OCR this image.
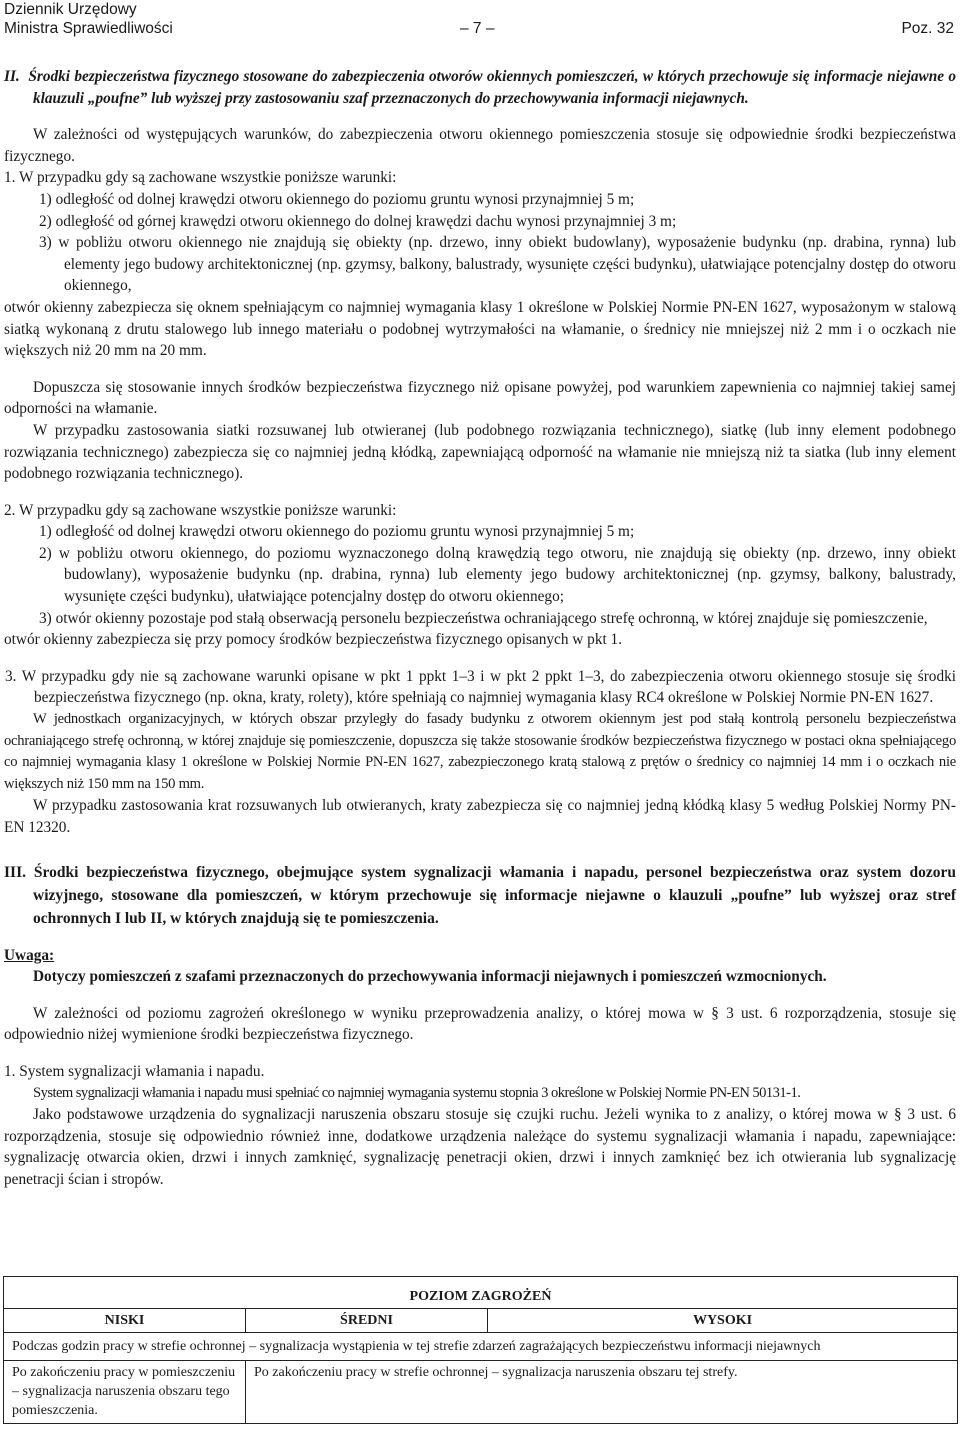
Dziennik Urzędowy
Ministra Sprawiedliwości	– 7 –	Poz. 32

II. Środki bezpieczeństwa fizycznego stosowane do zabezpieczenia otworów okiennych pomieszczeń, w których przechowuje się informacje niejawne o klauzuli „poufne” lub wyższej przy zastosowaniu szaf przeznaczonych do przechowywania informacji niejawnych.

W zależności od występujących warunków, do zabezpieczenia otworu okiennego pomieszczenia stosuje się odpowiednie środki bezpieczeństwa fizycznego.

1. W przypadku gdy są zachowane wszystkie poniższe warunki:

1) odległość od dolnej krawędzi otworu okiennego do poziomu gruntu wynosi przynajmniej 5 m;

2) odległość od górnej krawędzi otworu okiennego do dolnej krawędzi dachu wynosi przynajmniej 3 m;

3) w pobliżu otworu okiennego nie znajdują się obiekty (np. drzewo, inny obiekt budowlany), wyposażenie budynku (np. drabina, rynna) lub elementy jego budowy architektonicznej (np. gzymsy, balkony, balustrady, wysunięte części budynku), ułatwiające potencjalny dostęp do otworu okiennego,

otwór okienny zabezpiecza się oknem spełniającym co najmniej wymagania klasy 1 określone w Polskiej Normie PN-EN 1627, wyposażonym w stalową siatką wykonaną z drutu stalowego lub innego materiału o podobnej wytrzymałości na włamanie, o średnicy nie mniejszej niż 2 mm i o oczkach nie większych niż 20 mm na 20 mm.

Dopuszcza się stosowanie innych środków bezpieczeństwa fizycznego niż opisane powyżej, pod warunkiem zapewnienia co najmniej takiej samej odporności na włamanie.

W przypadku zastosowania siatki rozsuwanej lub otwieranej (lub podobnego rozwiązania technicznego), siatkę (lub inny element podobnego rozwiązania technicznego) zabezpiecza się co najmniej jedną kłódką, zapewniającą odporność na włamanie nie mniejszą niż ta siatka (lub inny element podobnego rozwiązania technicznego).

2. W przypadku gdy są zachowane wszystkie poniższe warunki:

1) odległość od dolnej krawędzi otworu okiennego do poziomu gruntu wynosi przynajmniej 5 m;

2) w pobliżu otworu okiennego, do poziomu wyznaczonego dolną krawędzią tego otworu, nie znajdują się obiekty (np. drzewo, inny obiekt budowlany), wyposażenie budynku (np. drabina, rynna) lub elementy jego budowy architektonicznej (np. gzymsy, balkony, balustrady, wysunięte części budynku), ułatwiające potencjalny dostęp do otworu okiennego;

3) otwór okienny pozostaje pod stałą obserwacją personelu bezpieczeństwa ochraniającego strefę ochronną, w której znajduje się pomieszczenie,

otwór okienny zabezpiecza się przy pomocy środków bezpieczeństwa fizycznego opisanych w pkt 1.

3. W przypadku gdy nie są zachowane warunki opisane w pkt 1 ppkt 1–3 i w pkt 2 ppkt 1–3, do zabezpieczenia otworu okiennego stosuje się środki bezpieczeństwa fizycznego (np. okna, kraty, rolety), które spełniają co najmniej wymagania klasy RC4 określone w Polskiej Normie PN-EN 1627.

W jednostkach organizacyjnych, w których obszar przyległy do fasady budynku z otworem okiennym jest pod stałą kontrolą personelu bezpieczeństwa ochraniającego strefę ochronną, w której znajduje się pomieszczenie, dopuszcza się także stosowanie środków bezpieczeństwa fizycznego w postaci okna spełniającego co najmniej wymagania klasy 1 określone w Polskiej Normie PN-EN 1627, zabezpieczonego kratą stalową z prętów o średnicy co najmniej 14 mm i o oczkach nie większych niż 150 mm na 150 mm.

W przypadku zastosowania krat rozsuwanych lub otwieranych, kraty zabezpiecza się co najmniej jedną kłódką klasy 5 według Polskiej Normy PN-EN 12320.

III. Środki bezpieczeństwa fizycznego, obejmujące system sygnalizacji włamania i napadu, personel bezpieczeństwa oraz system dozoru wizyjnego, stosowane dla pomieszczeń, w którym przechowuje się informacje niejawne o klauzuli „poufne” lub wyższej oraz stref ochronnych I lub II, w których znajdują się te pomieszczenia.

Uwaga:

Dotyczy pomieszczeń z szafami przeznaczonych do przechowywania informacji niejawnych i pomieszczeń wzmocnionych.

W zależności od poziomu zagrożeń określonego w wyniku przeprowadzenia analizy, o której mowa w § 3 ust. 6 rozporządzenia, stosuje się odpowiednio niżej wymienione środki bezpieczeństwa fizycznego.

1. System sygnalizacji włamania i napadu.

System sygnalizacji włamania i napadu musi spełniać co najmniej wymagania systemu stopnia 3 określone w Polskiej Normie PN-EN 50131-1.

Jako podstawowe urządzenia do sygnalizacji naruszenia obszaru stosuje się czujki ruchu. Jeżeli wynika to z analizy, o której mowa w § 3 ust. 6 rozporządzenia, stosuje się odpowiednio również inne, dodatkowe urządzenia należące do systemu sygnalizacji włamania i napadu, zapewniające: sygnalizację otwarcia okien, drzwi i innych zamknięć, sygnalizację penetracji okien, drzwi i innych zamknięć bez ich otwierania lub sygnalizację penetracji ścian i stropów.

POZIOM ZAGROŻEŃ		
NISKI	ŚREDNI	WYSOKI
Podczas godzin pracy w strefie ochronnej – sygnalizacja wystąpienia w tej strefie zdarzeń zagrażających bezpieczeństwu informacji niejawnych		
Po zakończeniu pracy w pomieszczeniu – sygnalizacja naruszenia obszaru tego pomieszczenia.	Po zakończeniu pracy w strefie ochronnej – sygnalizacja naruszenia obszaru tej strefy.	
